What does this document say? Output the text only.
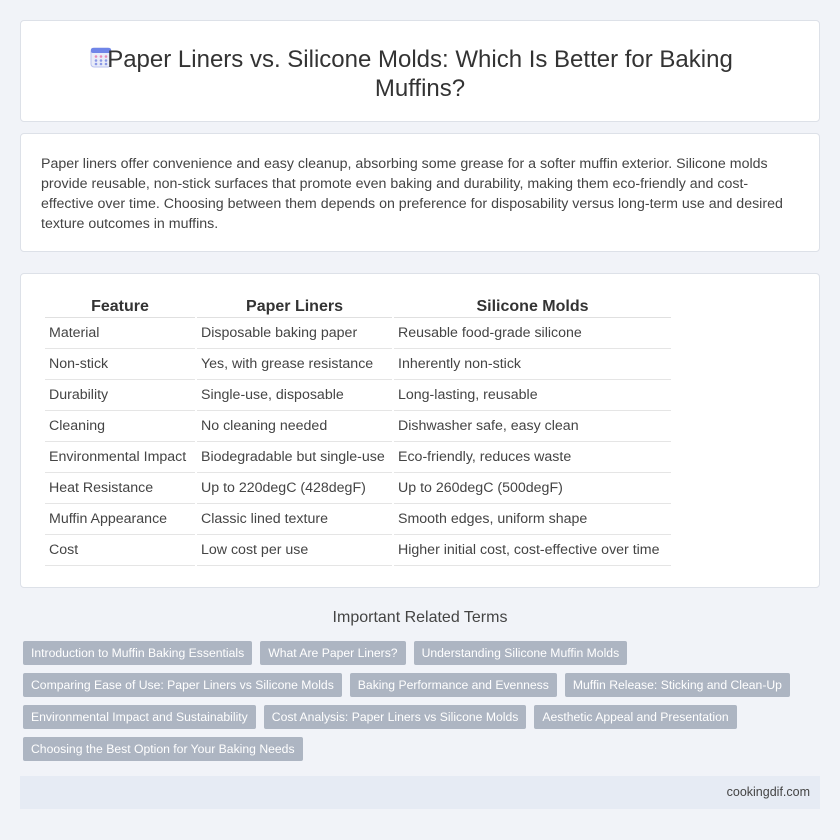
Paper Liners vs. Silicone Molds: Which Is Better for Baking Muffins?

Paper liners offer convenience and easy cleanup, absorbing some grease for a softer muffin exterior. Silicone molds provide reusable, non-stick surfaces that promote even baking and durability, making them eco-friendly and cost-effective over time. Choosing between them depends on preference for disposability versus long-term use and desired texture outcomes in muffins.

Feature	Paper Liners	Silicone Molds
Material	Disposable baking paper	Reusable food-grade silicone
Non-stick	Yes, with grease resistance	Inherently non-stick
Durability	Single-use, disposable	Long-lasting, reusable
Cleaning	No cleaning needed	Dishwasher safe, easy clean
Environmental Impact	Biodegradable but single-use	Eco-friendly, reduces waste
Heat Resistance	Up to 220degC (428degF)	Up to 260degC (500degF)
Muffin Appearance	Classic lined texture	Smooth edges, uniform shape
Cost	Low cost per use	Higher initial cost, cost-effective over time
Important Related Terms
Introduction to Muffin Baking Essentials	What Are Paper Liners?	Understanding Silicone Muffin Molds
Comparing Ease of Use: Paper Liners vs Silicone Molds	Baking Performance and Evenness	Muffin Release: Sticking and Clean-Up
Environmental Impact and Sustainability	Cost Analysis: Paper Liners vs Silicone Molds	Aesthetic Appeal and Presentation
Choosing the Best Option for Your Baking Needs
cookingdif.com
